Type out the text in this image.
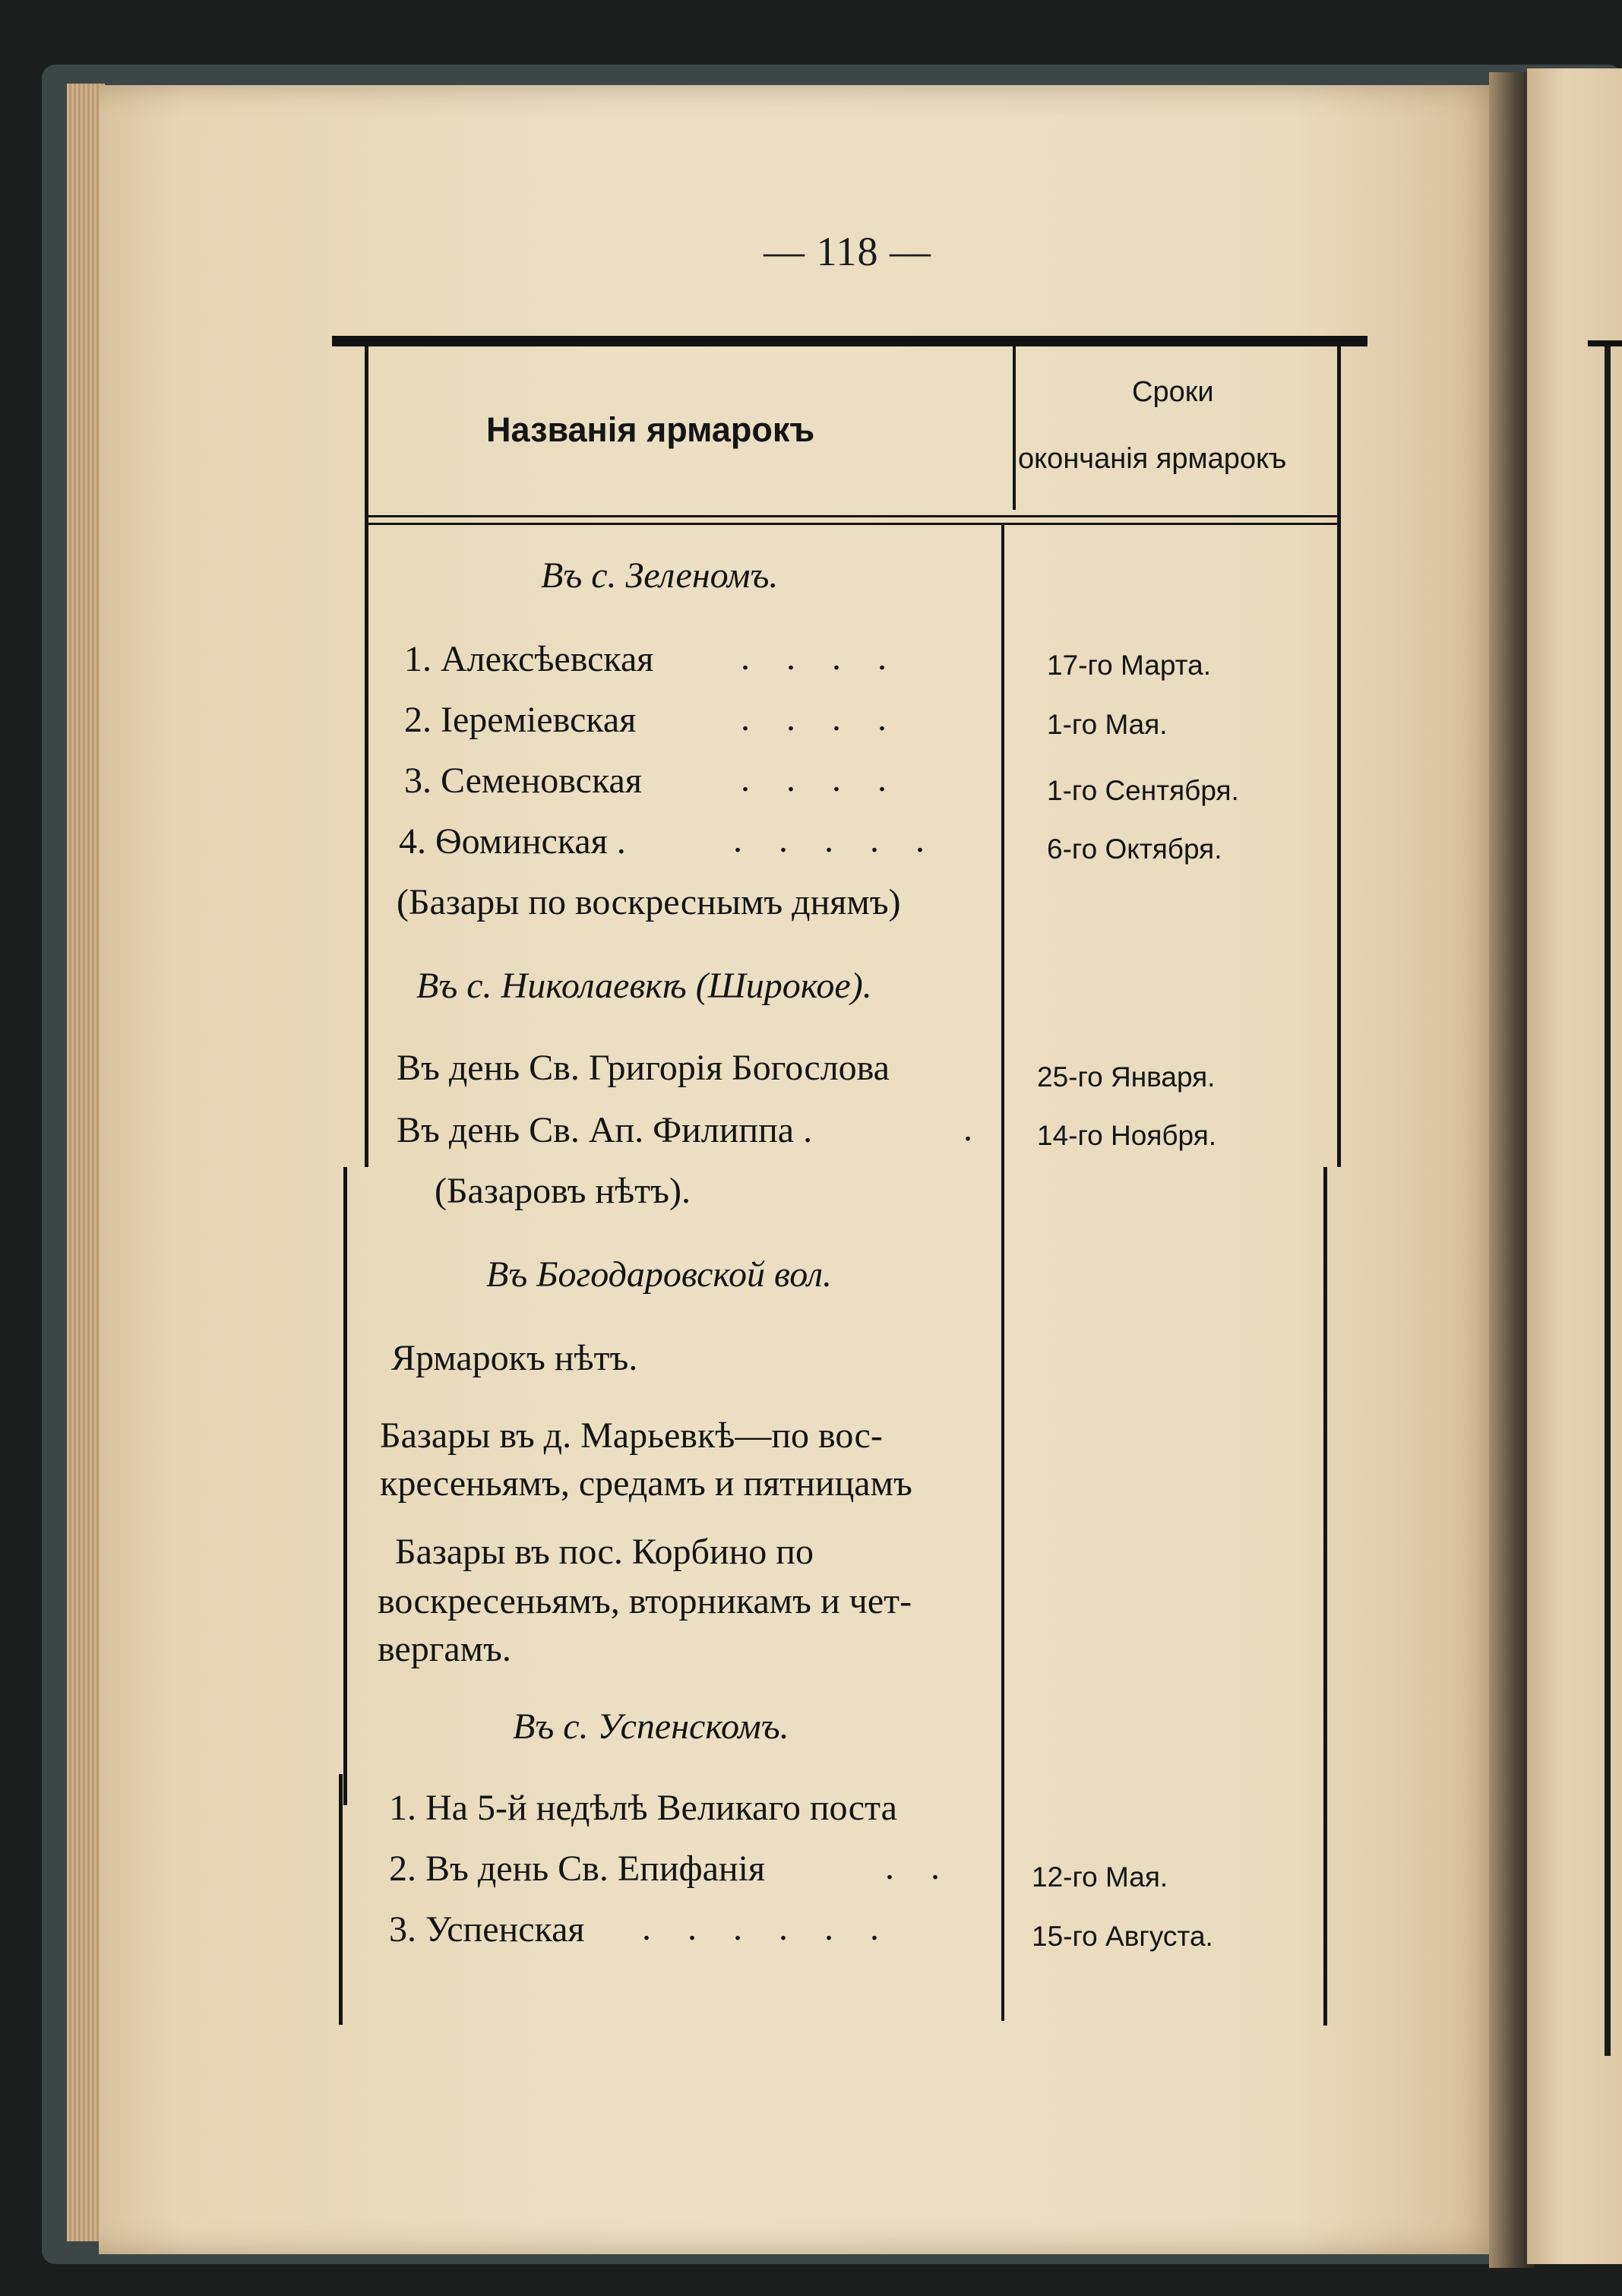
— 118 —
Названія ярмарокъ
Сроки
окончанія ярмарокъ
Въ с. Зеленомъ.
1. Алексѣевская ....	17-го Марта.
2. Іереміевская	....	1-го Мая.
3. Семеновская	....	1-го Сентября.
4. Ѳоминская .	.....	6-го Октября.
(Базары по воскреснымъ днямъ)
Въ с. Николаевкѣ (Широкое).
Въ день Св. Григорія Богослова	25-го Января.
Въ день Св. Ап. Филиппа .	. 14-го Ноября.
(Базаровъ нѣтъ).
Въ Богодаровской вол.
Ярмарокъ нѣтъ.
Базары въ д. Марьевкѣ—по вос-
кресеньямъ, средамъ и пятницамъ
Базары въ пос. Корбино по
воскресеньямъ, вторникамъ и чет-
вергамъ.
Въ с. Успенскомъ.
1. На 5-й недѣлѣ Великаго поста
2. Въ день Св. Епифанія	.. 12-го Мая.
3. Успенская ......	15-го Августа.
